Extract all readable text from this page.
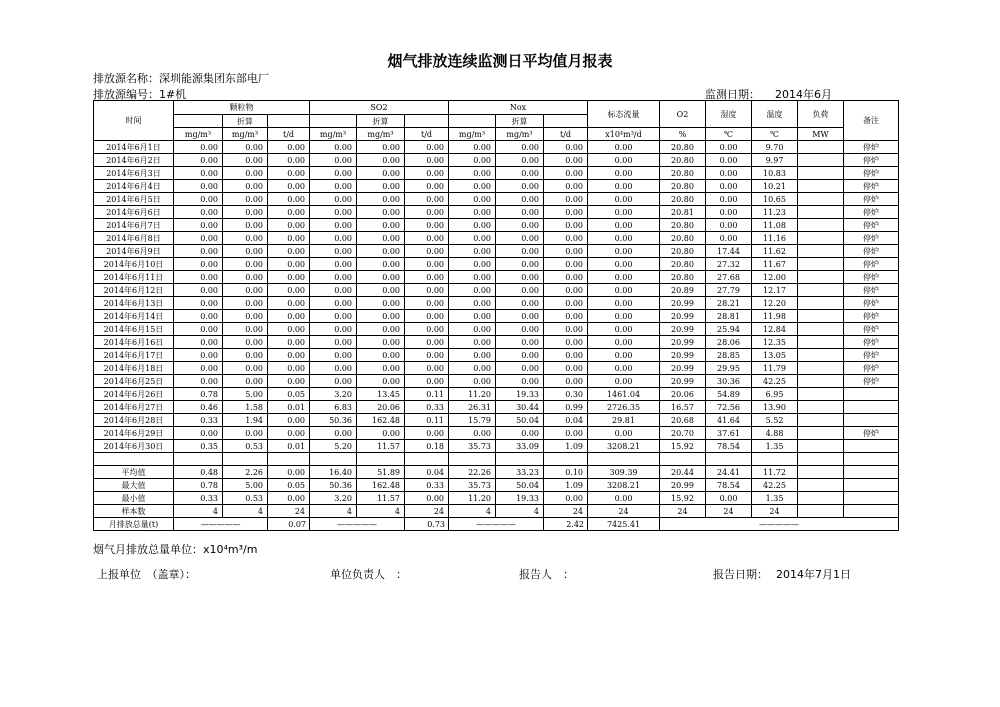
烟气排放连续监测日平均值月报表
排放源名称：深圳能源集团东部电厂
排放源编号：1#机	监测日期： 2014年6月
时间	颗粒物			SO2			Nox			标态流量	O2	湿度	温度	负荷	备注
		折算			折算			折算							
	mg/m³	mg/m³	t/d	mg/m³	mg/m³	t/d	mg/m³	mg/m³	t/d	x10⁴m³/d	%	℃	℃	MW	
2014年6月1日	0.00	0.00	0.00	0.00	0.00	0.00	0.00	0.00	0.00	0.00	20.80	0.00	9.70		停炉
2014年6月2日	0.00	0.00	0.00	0.00	0.00	0.00	0.00	0.00	0.00	0.00	20.80	0.00	9.97		停炉
2014年6月3日	0.00	0.00	0.00	0.00	0.00	0.00	0.00	0.00	0.00	0.00	20.80	0.00	10.83		停炉
2014年6月4日	0.00	0.00	0.00	0.00	0.00	0.00	0.00	0.00	0.00	0.00	20.80	0.00	10.21		停炉
2014年6月5日	0.00	0.00	0.00	0.00	0.00	0.00	0.00	0.00	0.00	0.00	20.80	0.00	10.65		停炉
2014年6月6日	0.00	0.00	0.00	0.00	0.00	0.00	0.00	0.00	0.00	0.00	20.81	0.00	11.23		停炉
2014年6月7日	0.00	0.00	0.00	0.00	0.00	0.00	0.00	0.00	0.00	0.00	20.80	0.00	11.08		停炉
2014年6月8日	0.00	0.00	0.00	0.00	0.00	0.00	0.00	0.00	0.00	0.00	20.80	0.00	11.16		停炉
2014年6月9日	0.00	0.00	0.00	0.00	0.00	0.00	0.00	0.00	0.00	0.00	20.80	17.44	11.62		停炉
2014年6月10日	0.00	0.00	0.00	0.00	0.00	0.00	0.00	0.00	0.00	0.00	20.80	27.32	11.67		停炉
2014年6月11日	0.00	0.00	0.00	0.00	0.00	0.00	0.00	0.00	0.00	0.00	20.80	27.68	12.00		停炉
2014年6月12日	0.00	0.00	0.00	0.00	0.00	0.00	0.00	0.00	0.00	0.00	20.89	27.79	12.17		停炉
2014年6月13日	0.00	0.00	0.00	0.00	0.00	0.00	0.00	0.00	0.00	0.00	20.99	28.21	12.20		停炉
2014年6月14日	0.00	0.00	0.00	0.00	0.00	0.00	0.00	0.00	0.00	0.00	20.99	28.81	11.98		停炉
2014年6月15日	0.00	0.00	0.00	0.00	0.00	0.00	0.00	0.00	0.00	0.00	20.99	25.94	12.84		停炉
2014年6月16日	0.00	0.00	0.00	0.00	0.00	0.00	0.00	0.00	0.00	0.00	20.99	28.06	12.35		停炉
2014年6月17日	0.00	0.00	0.00	0.00	0.00	0.00	0.00	0.00	0.00	0.00	20.99	28.85	13.05		停炉
2014年6月18日	0.00	0.00	0.00	0.00	0.00	0.00	0.00	0.00	0.00	0.00	20.99	29.95	11.79		停炉
2014年6月25日	0.00	0.00	0.00	0.00	0.00	0.00	0.00	0.00	0.00	0.00	20.99	30.36	42.25		停炉
2014年6月26日	0.78	5.00	0.05	3.20	13.45	0.11	11.20	19.33	0.30	1461.04	20.06	54.89	6.95		
2014年6月27日	0.46	1.58	0.01	6.83	20.06	0.33	26.31	30.44	0.99	2726.35	16.57	72.56	13.90		
2014年6月28日	0.33	1.94	0.00	50.36	162.48	0.11	15.79	50.04	0.04	29.81	20.68	41.64	5.52		
2014年6月29日	0.00	0.00	0.00	0.00	0.00	0.00	0.00	0.00	0.00	0.00	20.70	37.61	4.88		停炉
2014年6月30日	0.35	0.53	0.01	5.20	11.57	0.18	35.73	33.09	1.09	3208.21	15.92	78.54	1.35		

平均值	0.48	2.26	0.00	16.40	51.89	0.04	22.26	33.23	0.10	309.39	20.44	24.41	11.72		
最大值	0.78	5.00	0.05	50.36	162.48	0.33	35.73	50.04	1.09	3208.21	20.99	78.54	42.25		
最小值	0.33	0.53	0.00	3.20	11.57	0.00	11.20	19.33	0.00	0.00	15.92	0.00	1.35		
样本数	4	4	24	4	4	24	4	4	24	24	24	24	24		
月排放总量(t)	—————		0.07	—————		0.73	—————		2.42	7425.41	—————				
烟气月排放总量单位：x10⁴m³/m
上报单位　（盖章）：	单位负责人　：	报告人　：	报告日期： 2014年7月1日
